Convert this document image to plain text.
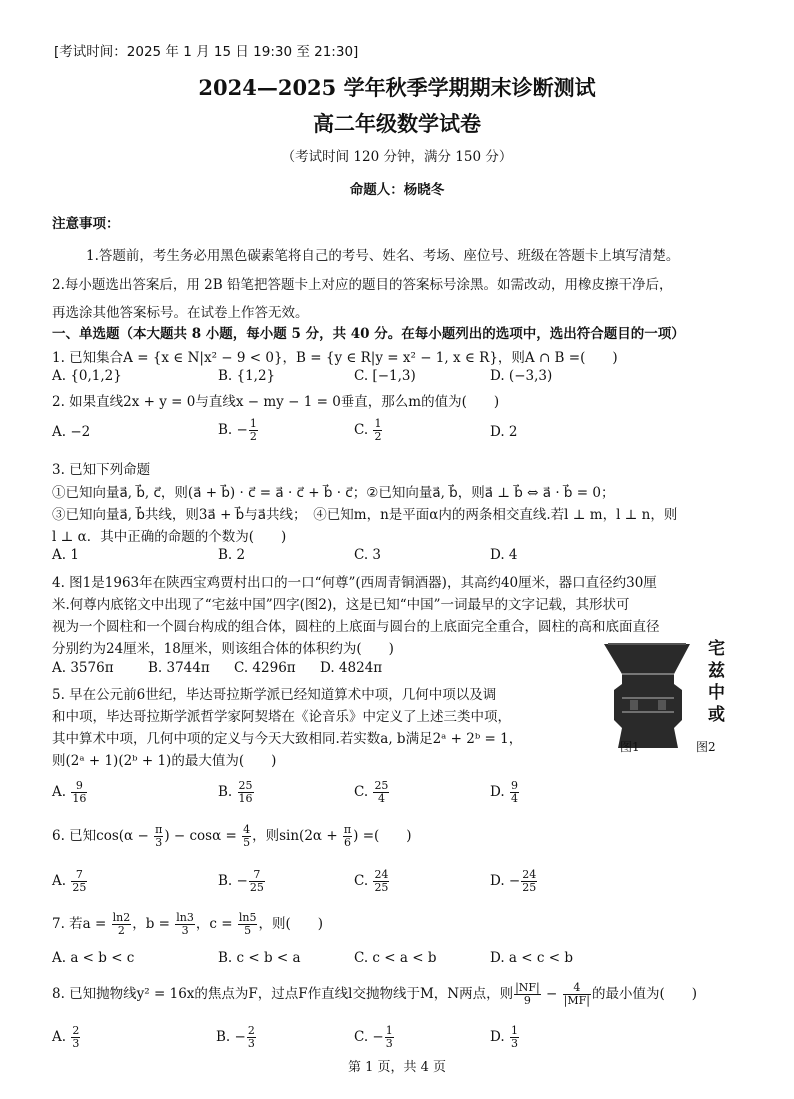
[考试时间：2025 年 1 月 15 日 19:30 至 21:30]
2024—2025 学年秋季学期期末诊断测试
高二年级数学试卷
（考试时间 120 分钟，满分 150 分）
命题人：杨晓冬
注意事项：
1.答题前，考生务必用黑色碳素笔将自己的考号、姓名、考场、座位号、班级在答题卡上填写清楚。
2.每小题选出答案后，用 2B 铅笔把答题卡上对应的题目的答案标号涂黑。如需改动，用橡皮擦干净后，
再选涂其他答案标号。在试卷上作答无效。
一、单选题（本大题共 8 小题，每小题 5 分，共 40 分。在每小题列出的选项中，选出符合题目的一项）
1. 已知集合A = {x ∈ N|x² − 9 < 0}，B = {y ∈ R|y = x² − 1, x ∈ R}，则A ∩ B =(　　)
A. {0,1,2}	B. {1,2}	C. [−1,3)	D. (−3,3)
2. 如果直线2x + y = 0与直线x − my − 1 = 0垂直，那么m的值为(　　)
A. −2	B. − $\frac{1}{2}$	C. $\frac{1}{2}$	D. 2
3. 已知下列命题
①已知向量a⃗, b⃗, c⃗，则(a⃗ + b⃗) · c⃗ = a⃗ · c⃗ + b⃗ · c⃗；②已知向量a⃗, b⃗，则a⃗ ⊥ b⃗ ⇔ a⃗ · b⃗ = 0；
③已知向量a⃗, b⃗共线，则3a⃗ + b⃗与a⃗共线；　④已知m，n是平面α内的两条相交直线.若l ⊥ m，l ⊥ n，则
l ⊥ α．其中正确的命题的个数为(　　)
A. 1	B. 2	C. 3	D. 4
4. 图1是1963年在陕西宝鸡贾村出口的一口“何尊”(西周青铜酒器)，其高约40厘米，器口直径约30厘
米.何尊内底铭文中出现了“宅兹中国”四字(图2)，这是已知“中国”一词最早的文字记载，其形状可
视为一个圆柱和一个圆台构成的组合体，圆柱的上底面与圆台的上底面完全重合，圆柱的高和底面直径
分别约为24厘米，18厘米，则该组合体的体积约为(　　)
A. 3576π	B. 3744π C. 4296π D. 4824π
宅
兹
中
或
图1	图2
5. 早在公元前6世纪，毕达哥拉斯学派已经知道算术中项，几何中项以及调
和中项，毕达哥拉斯学派哲学家阿契塔在《论音乐》中定义了上述三类中项，
其中算术中项，几何中项的定义与今天大致相同.若实数a, b满足2ᵃ + 2ᵇ = 1，
则(2ᵃ + 1)(2ᵇ + 1)的最大值为(　　)
A. $\frac{9}{16}$	B. $\frac{25}{16}$	C. $\frac{25}{4}$	D. $\frac{9}{4}$
6. 已知$\cos(\alpha - \frac{\pi}{3}$ ) − $\cos\alpha = \frac{4}{5}$ ，则$\sin(2\alpha + \frac{\pi}{6}$ ) =(　　)
A. $\frac{7}{25}$	B. − $\frac{7}{25}$	C. $\frac{24}{25}$	D. − $\frac{24}{25}$
7. 若$a = \frac{\ln 2}{2}$ ，$b = \frac{\ln 3}{3}$ ，$c = \frac{\ln 5}{5}$ ，则(　　)
A. a < b < c	B. c < b < a	C. c < a < b	D. a < c < b
8. 已知抛物线y² = 16x的焦点为F，过点F作直线l交抛物线于M，N两点，则 $\frac{|NF|}{9} - \frac{4}{|MF|}$ 的最小值为(　　)
A. $\frac{2}{3}$	B. − $\frac{2}{3}$	C. − $\frac{1}{3}$	D. $\frac{1}{3}$
第 1 页，共 4 页
